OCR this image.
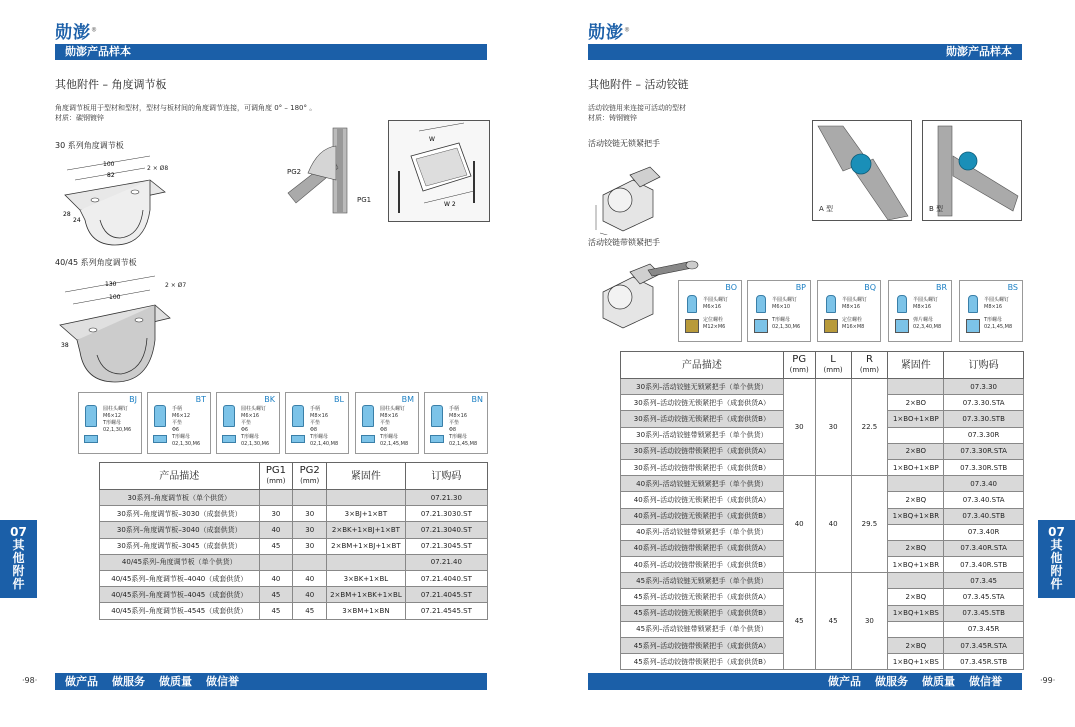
勋澎®
勋澎产品样本
其他附件 – 角度调节板
角度调节板用于型材和型材，型材与板材间的角度调节连接，可调角度 0° – 180° 。
材质：碳钢镀锌
30 系列角度调节板
100
82
28
24
2 × Ø8	PG2
PG1
W
W 2
40/45 系列角度调节板
130
100
38
2 × Ø7
BJ
圆柱头螺钉
M6×12
T形螺母
02,1,30,M6
BT
手柄
M6×12
平垫
Φ6
T形螺母
02,1,30,M6
BK
圆柱头螺钉
M6×16
平垫
Φ6
T形螺母
02,1,30,M6
BL
手柄
M8×16
平垫
Φ8
T形螺母
02,1,40,M8
BM
圆柱头螺钉
M8×16
平垫
Φ8
T形螺母
02,1,45,M8
BN
手柄
M8×16
平垫
Φ8
T形螺母
02,1,45,M8
产品描述	PG1
(mm)	PG2
(mm)	紧固件	订购码
30系列–角度调节板（单个供货）				07.21.30
30系列–角度调节板–3030（成套供货）	30	30	3×BJ+1×BT	07.21.3030.ST
30系列–角度调节板–3040（成套供货）	40	30	2×BK+1×BJ+1×BT	07.21.3040.ST
30系列–角度调节板–3045（成套供货）	45	30	2×BM+1×BJ+1×BT	07.21.3045.ST
40/45系列–角度调节板（单个供货）				07.21.40
40/45系列–角度调节板–4040（成套供货）	40	40	3×BK+1×BL	07.21.4040.ST
40/45系列–角度调节板–4045（成套供货）	45	40	2×BM+1×BK+1×BL	07.21.4045.ST
40/45系列–角度调节板–4545（成套供货）	45	45	3×BM+1×BN	07.21.4545.ST
做产品 做服务 做质量 做信誉
·98·
07
其
他
附
件
勋澎®
勋澎产品样本
其他附件 – 活动铰链
活动铰链用来连接可活动的型材
材质：铸钢镀锌
活动铰链无锁紧把手
活动铰链带锁紧把手
A 型	B 型
BO
半圆头螺钉
M6×16
定位螺栓
M12×M6
BP
半圆头螺钉
M6×10
T形螺母
02,1,30,M6
BQ
半圆头螺钉
M8×16
定位螺栓
M16×M8
BR
半圆头螺钉
M8×16
弹片螺母
02,3,40,M8
BS
半圆头螺钉
M8×16
T形螺母
02,1,45,M8
产品描述	PG
(mm)	L
(mm)	R
(mm)	紧固件	订购码
30系列–活动铰链无锁紧把手（单个供货）	30	30	22.5		07.3.30
30系列–活动铰链无锁紧把手（成套供货A）				2×BO	07.3.30.STA
30系列–活动铰链无锁紧把手（成套供货B）				1×BO+1×BP	07.3.30.STB
30系列–活动铰链带锁紧把手（单个供货）					07.3.30R
30系列–活动铰链带锁紧把手（成套供货A）				2×BO	07.3.30R.STA
30系列–活动铰链带锁紧把手（成套供货B）				1×BO+1×BP	07.3.30R.STB
40系列–活动铰链无锁紧把手（单个供货）	40	40	29.5		07.3.40
40系列–活动铰链无锁紧把手（成套供货A）				2×BQ	07.3.40.STA
40系列–活动铰链无锁紧把手（成套供货B）				1×BQ+1×BR	07.3.40.STB
40系列–活动铰链带锁紧把手（单个供货）					07.3.40R
40系列–活动铰链带锁紧把手（成套供货A）				2×BQ	07.3.40R.STA
40系列–活动铰链带锁紧把手（成套供货B）				1×BQ+1×BR	07.3.40R.STB
45系列–活动铰链无锁紧把手（单个供货）	45	45	30		07.3.45
45系列–活动铰链无锁紧把手（成套供货A）				2×BQ	07.3.45.STA
45系列–活动铰链无锁紧把手（成套供货B）				1×BQ+1×BS	07.3.45.STB
45系列–活动铰链带锁紧把手（单个供货）					07.3.45R
45系列–活动铰链带锁紧把手（成套供货A）				2×BQ	07.3.45R.STA
45系列–活动铰链带锁紧把手（成套供货B）				1×BQ+1×BS	07.3.45R.STB
做产品 做服务 做质量 做信誉	·99·
07
其
他
附
件
